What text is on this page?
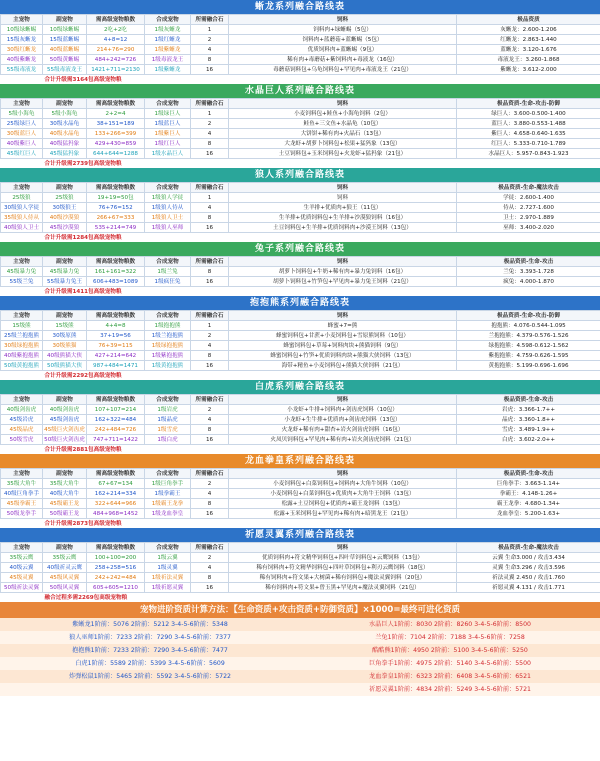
蜥龙系列融合路线表
主宠物	副宠物	需高级宠物粮数	合成宠物	所需融合石	饲料	极品资质
10级绿蜥蜴	10级绿蜥蜴	2吃+2吃	1级灰蜥龙	1	饲料肉+绿蜥蜴（5包）	灰蜥龙：2.600-1.206
15级灰蜥龙	15级蓝蜥蜴	4+8=12	1级红蜥龙	2	饲料肉+蓝蘑菇+蓝蜥蜴（5包）	红蜥龙：2.863-1.440
30级红蜥龙	40级蓝蜥蜴	214+76=290	1级紫蜥龙	4	优质饲料肉+蓝蜥蜴（9包）	蓝蜥龙：3.120-1.676
40级紫蜥龙	50级黄蜥蜴	484+242=726	1级毒液龙王	8	稀有肉+毒蘑菇+紫饲料肉+毒液龙（16包）	毒液龙王：3.260-1.868
55级毒液龙	55级毒液龙王	1421+711=2130	1级紫蜥龙	16	毒蘑菇饲料包+乌龟饲料包+罕见肉+毒液龙王（21包）	紫蜥龙：3.612-2.000
合计升级需3164包高级宠物粮						
水晶巨人系列融合路线表
主宠物	副宠物	需高级宠物粮数	合成宠物	所需融合石	饲料	极品资质-生命-攻击-防御
5级小海龟	5级小海龟	2+2=4	1级绿巨人	1	小麦饲料包+鲑鱼+小海龟饲料（2包）	绿巨人：3.600-0.500-1.400
25级绿巨人	30级水晶龟	38+151=189	1级蓝巨人	2	鲑鱼+三文鱼+水晶龟（10包）	蓝巨人：3.880-0.553-1.488
30级蓝巨人	40级水晶龟	133+266=399	1级紫巨人	4	大饼饼+稀有肉+火晶石（13包）	紫巨人：4.658-0.640-1.635
40级紫巨人	40级猛犸象	429+430=859	1级红巨人	8	大龙虾+胡萝卜饲料包+松果+猛犸象（13包）	红巨人：5.333-0.710-1.789
45级红巨人	45级猛犸象	644+644=1288	1级水晶巨人	16	土豆饲料包+玉米饲料包+火龙虾+猛犸象（21包）	水晶巨人：5.957-0.843-1.923
合计升级需2739包高级宠物粮						
狼人系列融合路线表
主宠物	副宠物	需高级宠物粮数	合成宠物	所需融合石	饲料	极品资质-生命-魔法攻击
25级狼	25级狼	19+19=50包	1级狼人学徒	1	饲料	学徒：2.600-1.400
30级狼人学徒	30级狼王	76+76=152	1级狼人侍从	4	生羊排+优质肉+狼王（11包）	侍从：2.727-1.600
35级狼人侍从	40级沙漠狼	266+67=333	1级狼人卫士	8	生羊排+优质饲料包+生羊排+沙漠狼饲料（16包）	卫士：2.970-1.889
40级狼人卫士	45级沙漠狼	535+214=749	1级狼人巫师	16	土豆饲料包+生羊排+优质饲料肉+沙漠王饲料（13包）	巫师：3.400-2.020
合计升级需1284包高级宠物粮						
兔子系列融合路线表
主宠物	副宠物	需高级宠物粮数	合成宠物	所需融合石	饲料	极品资质-生命-攻击
45级暴力兔	45级暴力兔	161+161=322	1级兰兔	8	胡萝卜饲料包+牛奶+稀有肉+暴力兔饲料（16包）	兰兔：3.393-1.728
55级兰兔	55级暴力兔王	606+483=1089	1级疯狂兔	16	胡萝卜饲料包+竹笋包+罕见肉+暴力兔王饲料（21包）	疯兔：4.000-1.870
合计升级需1411包高级宠物粮						
抱抱熊系列融合路线表
主宠物	副宠物	需高级宠物粮数	合成宠物	所需融合石	饲料	极品资质-生命-攻击-防御
15级熊	15级熊	4+4=8	1级抱抱熊	1	蜂蜜+7=熊	抱抱熊：4.076-0.544-1.095
25级兰抱抱熊	30级原熊	37+19=56	1级兰抱抱熊	2	蜂蜜饲料包+甘蔗+小麦饲料包+雪原熊饲料（10包）	兰抱抱熊：4.379-0.576-1.526
30级绿抱抱熊	30级熊猫	76+39=115	1级绿抱抱熊	4	蜂蜜饲料包+草莓+饲料肉块+熊猫饲料（9包）	绿抱抱熊：4.598-0.612-1.562
40级紫抱抱熊	40级熊猫大侠	427+214=642	1级紫抱抱熊	8	蜂蜜饲料包+竹笋+优质饲料肉块+熊猫大侠饲料（13包）	紫抱抱熊：4.759-0.626-1.595
50级黄抱抱熊	50级熊猫大侠	987+484=1471	1级黄抱抱熊	16	海带+精鱼+小麦饲料包+熊猫大侠饲料（21包）	黄抱抱熊：5.199-0.696-1.696
合计升级需2292包高级宠物粮						
白虎系列融合路线表
主宠物	副宠物	需高级宠物粮数	合成宠物	所需融合石	饲料	极品资质-生命-攻击
40级剑齿虎	40级剑齿虎	107+107=214	1级岩虎	2	小龙虾+牛排+饲料肉+剑齿虎饲料（10包）	岩虎：3.366-1.7++
45级岩虎	45级剑齿虎	162+322=484	1级晶虎	4	小龙虾+生牛排+优质肉+剑齿虎饲料（13包）	晶虎：3.360-1.8++
45级晶虎	45级巨火剑齿虎	242+484=726	1级雪虎	8	火龙虾+稀有肉+甜杏+岩火剑齿虎饲料（16包）	雪虎：3.489-1.9++
50级雪虎	50级巨火剑齿虎	747+711=1422	1级白虎	16	火凤贝饲料包+罕见肉+稀有肉+岩火剑齿虎饲料（21包）	白虎：3.602-2.0++
合计升级需2881包高级宠物粮						
龙血拳皇系列融合路线表
主宠物	副宠物	需高级宠物粮数	合成宠物	所需融合石	饲料	极品资质-生命-攻击
35级大角牛	35级大角牛	67+67=134	1级巨角拳手	2	小麦饲料包+白菜饲料包+饲料肉+大角牛饲料（10包）	巨角拳手：3.663-1.14+
40级巨角拳手	40级大角牛	162+214=334	1级拳霸王	4	小麦饲料包+白菜饲料包+优质肉+大角牛王饲料（13包）	拳霸王：4.148-1.26+
45级拳霸王	45级霸王龙	322+644=966	1级霸王龙拳	8	松露+土豆饲料包+优质肉+霸王龙饲料（13包）	霸王龙拳：4.680-1.34+
50级龙拳手	50级霸王龙	484+968=1452	1级龙血拳皇	16	松露+玉米饲料包+罕见肉+稀有肉+暗黑龙王（21包）	龙血拳皇：5.200-1.63+
合计升级需2873包高级宠物粮						
祈愿灵翼系列融合路线表
主宠物	副宠物	需高级宠物粮数	合成宠物	所需融合石	饲料	极品资质-生命-魔法攻击
35级云鹰	35级云鹰	100+100=200	1级云翼	2	优质饲料肉+符文精华饲料包+四叶草饲料包+云鹰饲料（13包）	云翼 生命3.000 / 攻击3.434
40级云翼	40级祈灵云鹰	258+258=516	1级灵翼	4	稀有饲料肉+符文精华饲料包+四叶草饲料包+利刃云鹰饲料（18包）	灵翼 生命3.296 / 攻击3.596
45级灵翼	45级风灵翼	242+242=484	1级祈法灵翼	8	稀有饲料肉+符文果+大树菌+稀有饲料包+魔法灵翼饲料（20包）	祈法灵翼 2.450 / 攻击1.760
50级祈法灵翼	50级风灵翼	605+605=1210	1级祈愿灵翼	16	稀有饲料肉+符文果+曾玉黑+罕见肉+魔法灵翼饲料（21包）	祈愿灵翼 4.131 / 攻击1.771
融合过程多需2269包高级宠物粮						
宠物进阶资质计算方法：【生命资质+攻击资质+防御资质】×1000=最终可进化资质
紫蜥龙1阶前：5076 2阶前：5212 3-4-5-6阶前：5348	水晶巨人1阶前：8030 2阶前：8260 3-4-5-6阶前：8500
狼人巫师1阶前：7233 2阶前：7290 3-4-5-6阶前：7377	兰兔1阶前：7104 2阶前：7188 3-4-5-6阶前：7258
抱抱熊1阶前：7233 2阶前：7290 3-4-5-6阶前：7477	酷酷熊1阶前：4950 2阶前：5100 3-4-5-6阶前：5250
白虎1阶前：5589 2阶前：5399 3-4-5-6阶前：5609	巨角拳手1阶前：4975 2阶前：5140 3-4-5-6阶前：5500
炸弹松鼠1阶前：5465 2阶前：5592 3-4-5-6阶前：5722	龙血拳皇1阶前：6323 2阶前：6408 3-4-5-6阶前：6521
祈愿灵翼1阶前：4834 2阶前：5249 3-4-5-6阶前：5721
